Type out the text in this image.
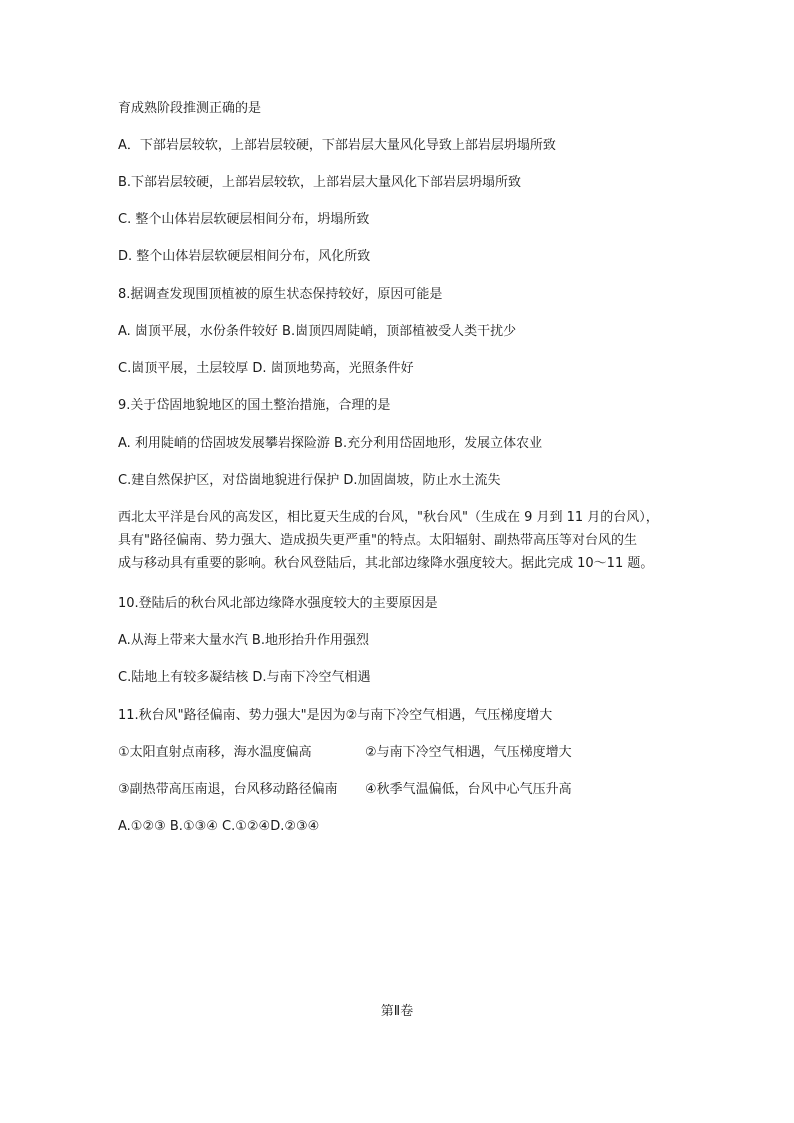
育成熟阶段推测正确的是

A．下部岩层较软，上部岩层较硬，下部岩层大量风化导致上部岩层坍塌所致

B.下部岩层较硬，上部岩层较软，上部岩层大量风化下部岩层坍塌所致

C. 整个山体岩层软硬层相间分布，坍塌所致

D. 整个山体岩层软硬层相间分布，风化所致

8.据调查发现围顶植被的原生状态保持较好，原因可能是

A. 崮顶平展，水份条件较好 B.崮顶四周陡峭，顶部植被受人类干扰少

C.崮顶平展，土层较厚 D. 崮顶地势高，光照条件好

9.关于岱固地貌地区的国土整治措施，合理的是

A. 利用陡峭的岱固坡发展攀岩探险游 B.充分利用岱固地形，发展立体农业

C.建自然保护区，对岱崮地貌进行保护 D.加固崮坡，防止水土流失

西北太平洋是台风的高发区，相比夏天生成的台风，"秋台风"（生成在 9 月到 11 月的台风），
具有"路径偏南、势力强大、造成损失更严重"的特点。太阳辐射、副热带高压等对台风的生
成与移动具有重要的影响。秋台风登陆后，其北部边缘降水强度较大。据此完成 10～11 题。

10.登陆后的秋台风北部边缘降水强度较大的主要原因是

A.从海上带来大量水汽 B.地形抬升作用强烈

C.陆地上有较多凝结核 D.与南下冷空气相遇

11.秋台风"路径偏南、势力强大"是因为②与南下冷空气相遇，气压梯度增大

①太阳直射点南移，海水温度偏高	②与南下冷空气相遇，气压梯度增大

③副热带高压南退，台风移动路径偏南 ④秋季气温偏低，台风中心气压升高

A.①②③ B.①③④ C.①②④D.②③④

第Ⅱ卷
